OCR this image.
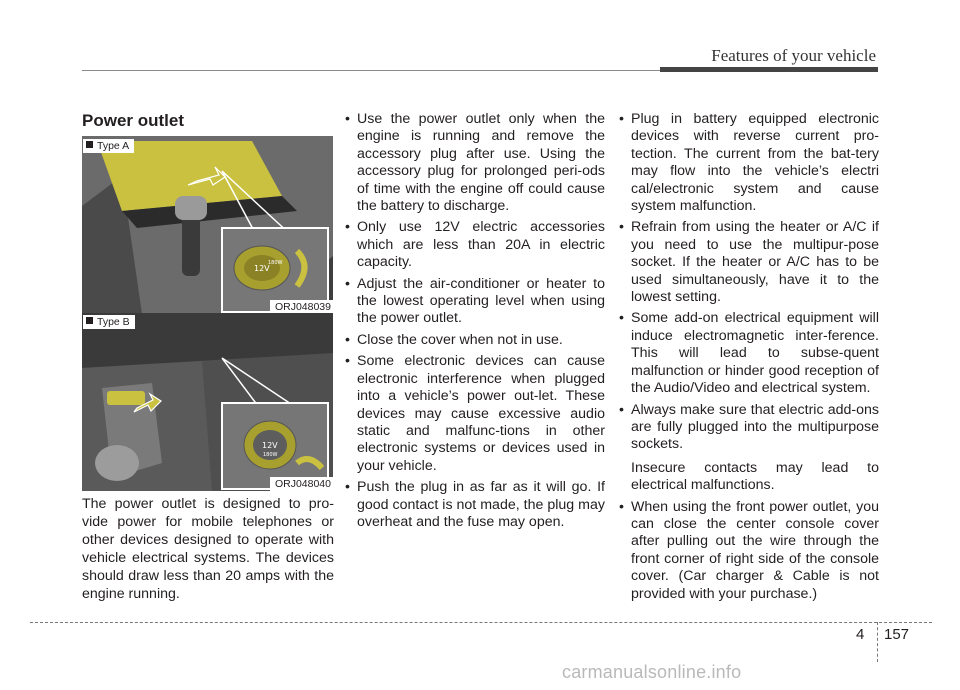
Features of your vehicle
Power outlet
12V
180W
Type A
ORJ048039
12V
180W
Type B
ORJ048040
The power outlet is designed to pro-vide power for mobile telephones or other devices designed to operate with vehicle electrical systems. The devices should draw less than 20 amps with the engine running.
• Use the power outlet only when the engine is running and remove the accessory plug after use. Using the accessory plug for prolonged peri-ods of time with the engine off could cause the battery to discharge.
• Only use 12V electric accessories which are less than 20A in electric capacity.
• Adjust the air-conditioner or heater to the lowest operating level when using the power outlet.
• Close the cover when not in use.
• Some electronic devices can cause electronic interference when plugged into a vehicle’s power out-let. These devices may cause excessive audio static and malfunc-tions in other electronic systems or devices used in your vehicle.
• Push the plug in as far as it will go. If good contact is not made, the plug may overheat and the fuse may open.
• Plug in battery equipped electronic devices with reverse current pro-tection. The current from the bat-tery may flow into the vehicle’s electri cal/electronic system and cause system malfunction.
• Refrain from using the heater or A/C if you need to use the multipur-pose socket. If the heater or A/C has to be used simultaneously, have it to the lowest setting.
• Some add-on electrical equipment will induce electromagnetic inter-ference. This will lead to subse-quent malfunction or hinder good reception of the Audio/Video and electrical system.
• Always make sure that electric add-ons are fully plugged into the multipurpose sockets.

Insecure contacts may lead to electrical malfunctions.

• When using the front power outlet, you can close the center console cover after pulling out the wire through the front corner of right side of the console cover. (Car charger & Cable is not provided with your purchase.)
4 157
carmanualsonline.info
